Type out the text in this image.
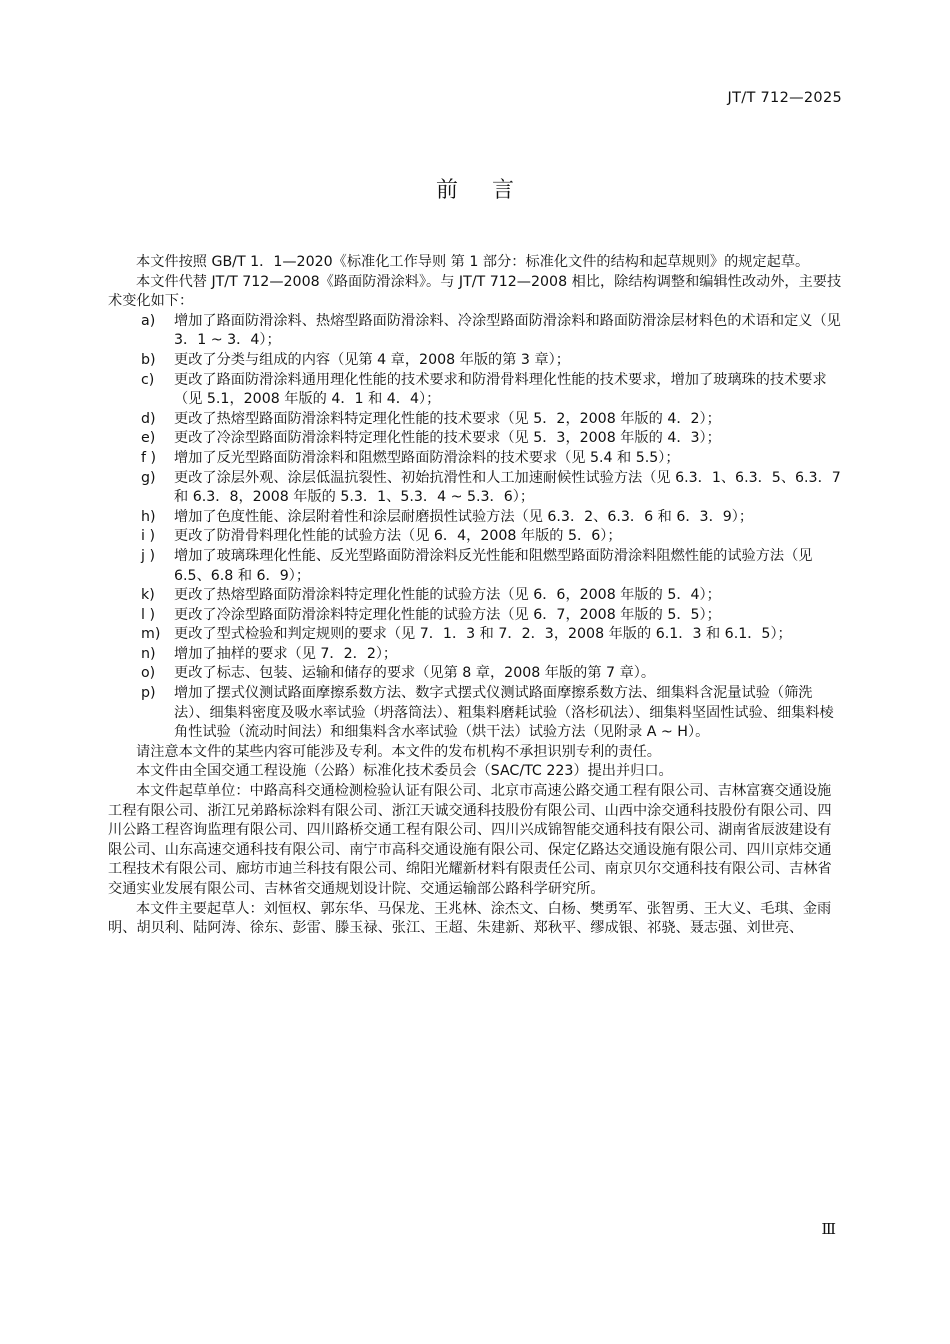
JT/T 712—2025
前言

本文件按照 GB/T 1．1—2020《标准化工作导则 第 1 部分：标准化文件的结构和起草规则》的规定起草。

本文件代替 JT/T 712—2008《路面防滑涂料》。与 JT/T 712—2008 相比，除结构调整和编辑性改动外，主要技术变化如下：

a) 增加了路面防滑涂料、热熔型路面防滑涂料、冷涂型路面防滑涂料和路面防滑涂层材料色的术语和定义（见 3．1 ~ 3．4）；
b) 更改了分类与组成的内容（见第 4 章，2008 年版的第 3 章）；
c) 更改了路面防滑涂料通用理化性能的技术要求和防滑骨料理化性能的技术要求，增加了玻璃珠的技术要求（见 5.1，2008 年版的 4．1 和 4．4）；
d) 更改了热熔型路面防滑涂料特定理化性能的技术要求（见 5．2，2008 年版的 4．2）；
e) 更改了冷涂型路面防滑涂料特定理化性能的技术要求（见 5．3，2008 年版的 4．3）；
f ) 增加了反光型路面防滑涂料和阻燃型路面防滑涂料的技术要求（见 5.4 和 5.5）；
g) 更改了涂层外观、涂层低温抗裂性、初始抗滑性和人工加速耐候性试验方法（见 6.3．1、6.3．5、6.3．7 和 6.3．8，2008 年版的 5.3．1、5.3．4 ~ 5.3．6）；
h) 增加了色度性能、涂层附着性和涂层耐磨损性试验方法（见 6.3．2、6.3．6 和 6．3．9）；
i ) 更改了防滑骨料理化性能的试验方法（见 6．4，2008 年版的 5．6）；
j ) 增加了玻璃珠理化性能、反光型路面防滑涂料反光性能和阻燃型路面防滑涂料阻燃性能的试验方法（见 6.5、6.8 和 6．9）；
k) 更改了热熔型路面防滑涂料特定理化性能的试验方法（见 6．6，2008 年版的 5．4）；
l ) 更改了冷涂型路面防滑涂料特定理化性能的试验方法（见 6．7，2008 年版的 5．5）；
m) 更改了型式检验和判定规则的要求（见 7．1．3 和 7．2．3，2008 年版的 6.1．3 和 6.1．5）；
n) 增加了抽样的要求（见 7．2．2）；
o) 更改了标志、包装、运输和储存的要求（见第 8 章，2008 年版的第 7 章）。
p) 增加了摆式仪测试路面摩擦系数方法、数字式摆式仪测试路面摩擦系数方法、细集料含泥量试验（筛洗法）、细集料密度及吸水率试验（坍落筒法）、粗集料磨耗试验（洛杉矶法）、细集料坚固性试验、细集料棱角性试验（流动时间法）和细集料含水率试验（烘干法）试验方法（见附录 A ~ H）。

请注意本文件的某些内容可能涉及专利。本文件的发布机构不承担识别专利的责任。

本文件由全国交通工程设施（公路）标准化技术委员会（SAC/TC 223）提出并归口。

本文件起草单位：中路高科交通检测检验认证有限公司、北京市高速公路交通工程有限公司、吉林富赛交通设施工程有限公司、浙江兄弟路标涂料有限公司、浙江天诚交通科技股份有限公司、山西中涂交通科技股份有限公司、四川公路工程咨询监理有限公司、四川路桥交通工程有限公司、四川兴成锦智能交通科技有限公司、湖南省辰波建设有限公司、山东高速交通科技有限公司、南宁市高科交通设施有限公司、保定亿路达交通设施有限公司、四川京炜交通工程技术有限公司、廊坊市迪兰科技有限公司、绵阳光耀新材料有限责任公司、南京贝尔交通科技有限公司、吉林省交通实业发展有限公司、吉林省交通规划设计院、交通运输部公路科学研究所。

本文件主要起草人：刘恒权、郭东华、马保龙、王兆林、涂杰文、白杨、樊勇军、张智勇、王大义、毛琪、金雨明、胡贝利、陆阿涛、徐东、彭雷、滕玉禄、张江、王超、朱建新、郑秋平、缪成银、祁骁、聂志强、刘世亮、

Ⅲ
